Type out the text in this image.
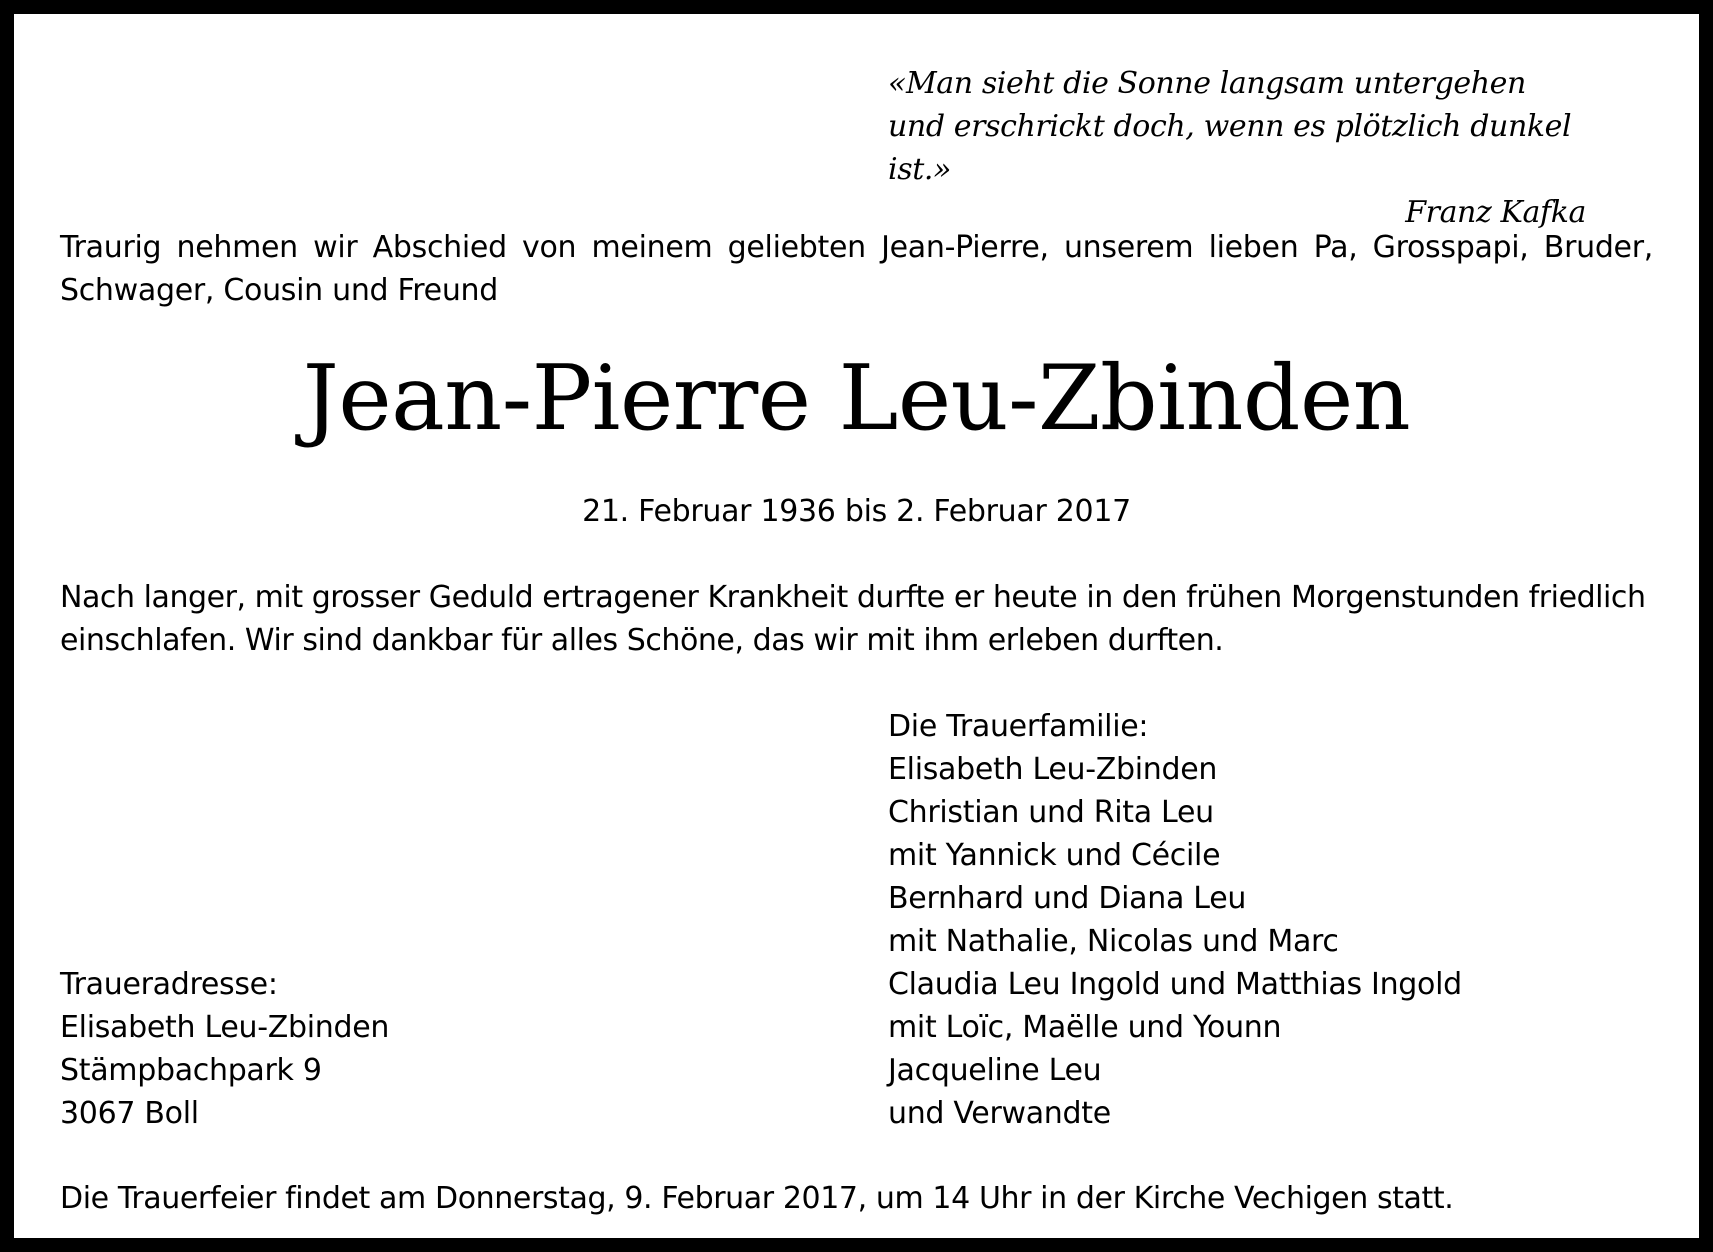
«Man sieht die Sonne langsam untergehen
und erschrickt doch, wenn es plötzlich dunkel ist.»
Franz Kafka
Traurig nehmen wir Abschied von meinem geliebten Jean-Pierre, unserem lieben Pa, Grosspapi, Bruder, Schwager, Cousin und Freund
Jean-Pierre Leu-Zbinden
21. Februar 1936 bis 2. Februar 2017
Nach langer, mit grosser Geduld ertragener Krankheit durfte er heute in den frühen Morgenstunden friedlich einschlafen. Wir sind dankbar für alles Schöne, das wir mit ihm erleben durften.
Die Trauerfamilie:
Elisabeth Leu-Zbinden
Christian und Rita Leu
mit Yannick und Cécile
Bernhard und Diana Leu
mit Nathalie, Nicolas und Marc
Claudia Leu Ingold und Matthias Ingold
mit Loïc, Maëlle und Younn
Jacqueline Leu
und Verwandte
Traueradresse:
Elisabeth Leu-Zbinden
Stämpbachpark 9
3067 Boll
Die Trauerfeier findet am Donnerstag, 9. Februar 2017, um 14 Uhr in der Kirche Vechigen statt.
